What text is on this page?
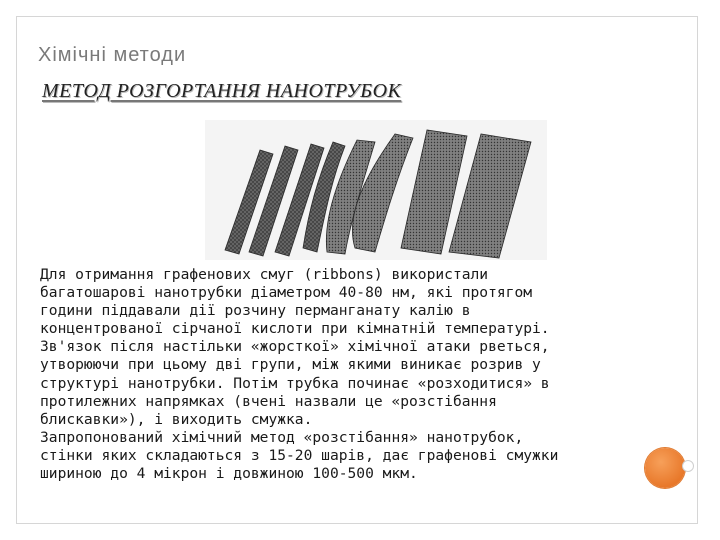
Хімічні методи
МЕТОД РОЗГОРТАННЯ НАНОТРУБОК

Для отримання графенових смуг (ribbons) використали
багатошарові нанотрубки діаметром 40-80 нм, які протягом
години піддавали дії розчину перманганату калію в
концентрованої сірчаної кислоти при кімнатній температурі.
Зв'язок після настільки «жорсткої» хімічної атаки рветься,
утворюючи при цьому дві групи, між якими виникає розрив у
структурі нанотрубки. Потім трубка починає «розходитися» в
протилежних напрямках (вчені назвали це «розстібання
блискавки»), і виходить смужка.

Запропонований хімічний метод «розстібання» нанотрубок,
стінки яких складаються з 15-20 шарів, дає графенові смужки
шириною до 4 мікрон і довжиною 100-500 мкм.
